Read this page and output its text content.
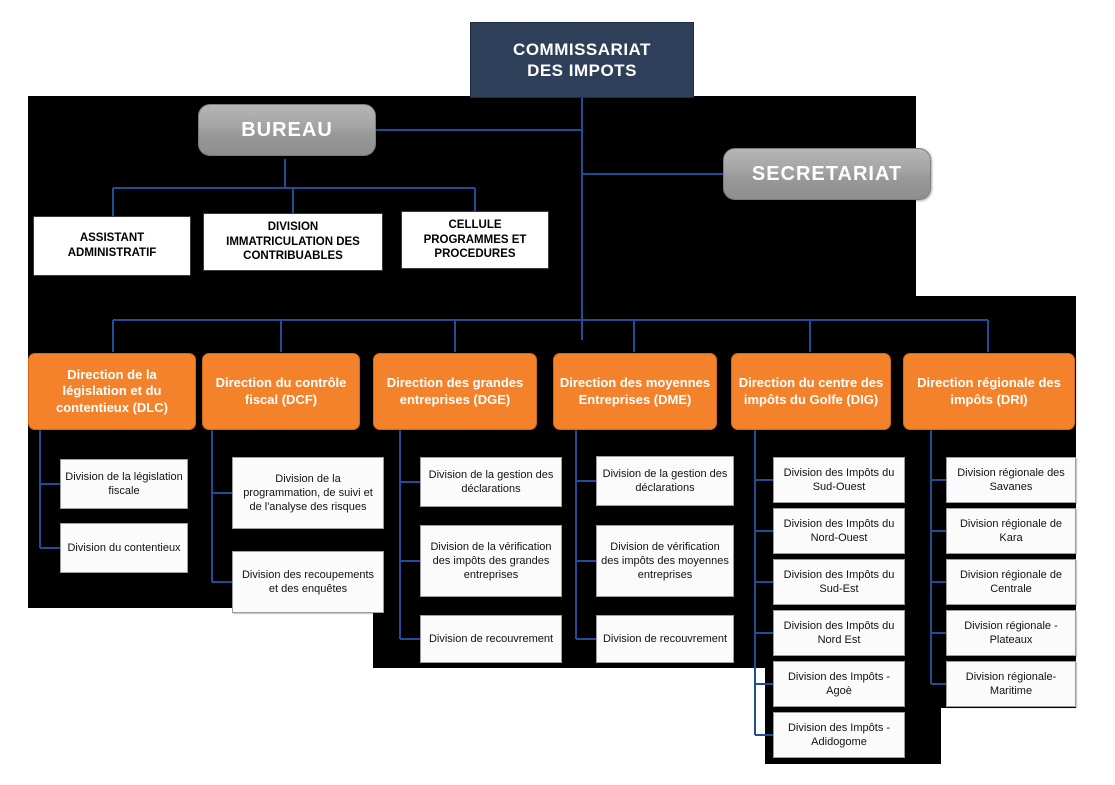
COMMISSARIAT
DES IMPOTS
BUREAU
SECRETARIAT
ASSISTANT
ADMINISTRATIF
DIVISION
IMMATRICULATION DES
CONTRIBUABLES
CELLULE
PROGRAMMES ET
PROCEDURES
Direction de la législation et du contentieux (DLC)
Direction du contrôle fiscal (DCF)
Direction des grandes entreprises (DGE)
Direction des moyennes Entreprises (DME)
Direction du centre des impôts du Golfe (DIG)
Direction régionale des impôts (DRI)
Division de la législation fiscale
Division du contentieux
Division de la programmation, de suivi et de l'analyse des risques
Division des recoupements et des enquêtes
Division de la gestion des déclarations
Division de la vérification des impôts des grandes entreprises
Division de recouvrement
Division de la gestion des déclarations
Division de vérification des impôts des moyennes entreprises
Division de recouvrement
Division des Impôts du Sud-Ouest
Division des Impôts du Nord-Ouest
Division des Impôts du Sud-Est
Division des Impôts du Nord Est
Division des Impôts - Agoè
Division des Impôts - Adidogome
Division régionale des Savanes
Division régionale de Kara
Division régionale de Centrale
Division régionale - Plateaux
Division régionale- Maritime
